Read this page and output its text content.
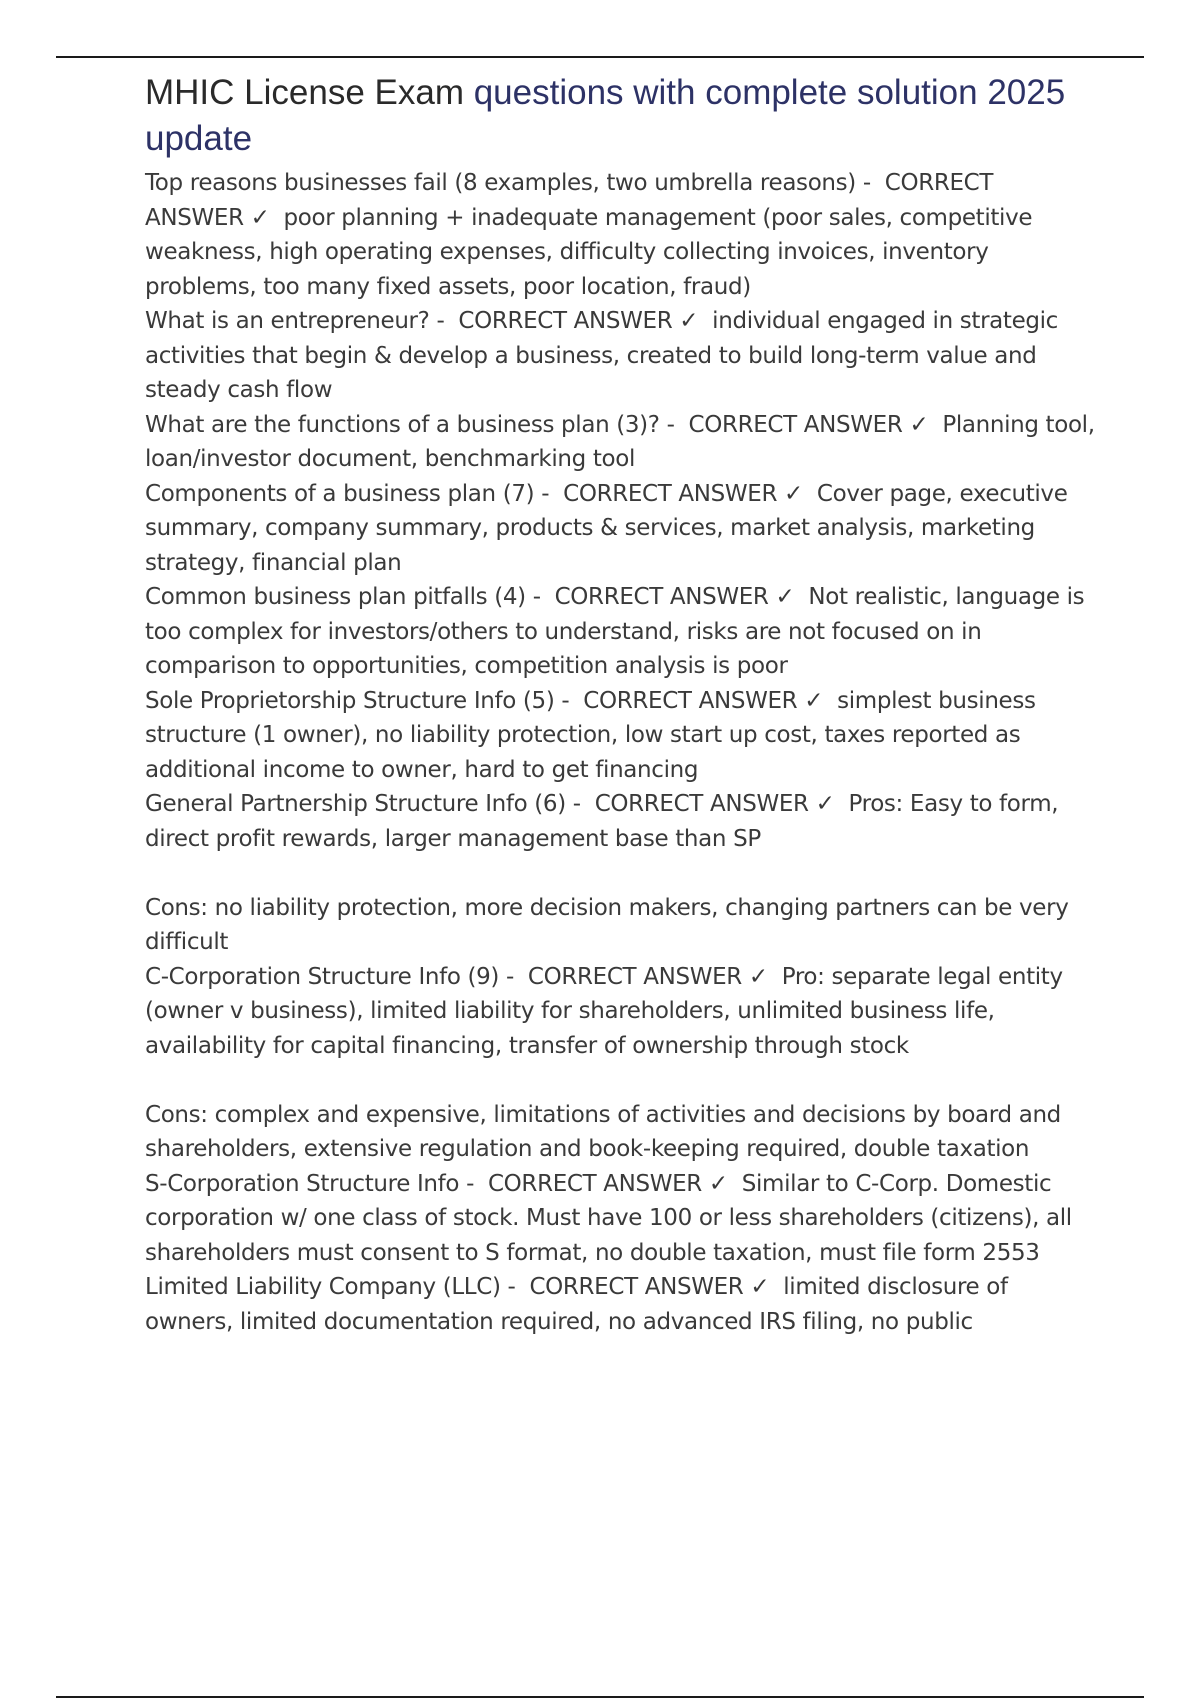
MHIC License Exam questions with complete solution 2025 update

Top reasons businesses fail (8 examples, two umbrella reasons) - CORRECT ANSWER ✓ poor planning + inadequate management (poor sales, competitive weakness, high operating expenses, difficulty collecting invoices, inventory problems, too many fixed assets, poor location, fraud)

What is an entrepreneur? - CORRECT ANSWER ✓ individual engaged in strategic activities that begin & develop a business, created to build long-term value and steady cash flow

What are the functions of a business plan (3)? - CORRECT ANSWER ✓ Planning tool, loan/investor document, benchmarking tool

Components of a business plan (7) - CORRECT ANSWER ✓ Cover page, executive summary, company summary, products & services, market analysis, marketing strategy, financial plan

Common business plan pitfalls (4) - CORRECT ANSWER ✓ Not realistic, language is too complex for investors/others to understand, risks are not focused on in comparison to opportunities, competition analysis is poor

Sole Proprietorship Structure Info (5) - CORRECT ANSWER ✓ simplest business structure (1 owner), no liability protection, low start up cost, taxes reported as additional income to owner, hard to get financing

General Partnership Structure Info (6) - CORRECT ANSWER ✓ Pros: Easy to form, direct profit rewards, larger management base than SP
Cons: no liability protection, more decision makers, changing partners can be very difficult

C-Corporation Structure Info (9) - CORRECT ANSWER ✓ Pro: separate legal entity (owner v business), limited liability for shareholders, unlimited business life, availability for capital financing, transfer of ownership through stock
Cons: complex and expensive, limitations of activities and decisions by board and shareholders, extensive regulation and book-keeping required, double taxation

S-Corporation Structure Info - CORRECT ANSWER ✓ Similar to C-Corp. Domestic corporation w/ one class of stock. Must have 100 or less shareholders (citizens), all shareholders must consent to S format, no double taxation, must file form 2553

Limited Liability Company (LLC) - CORRECT ANSWER ✓ limited disclosure of owners, limited documentation required, no advanced IRS filing, no public
